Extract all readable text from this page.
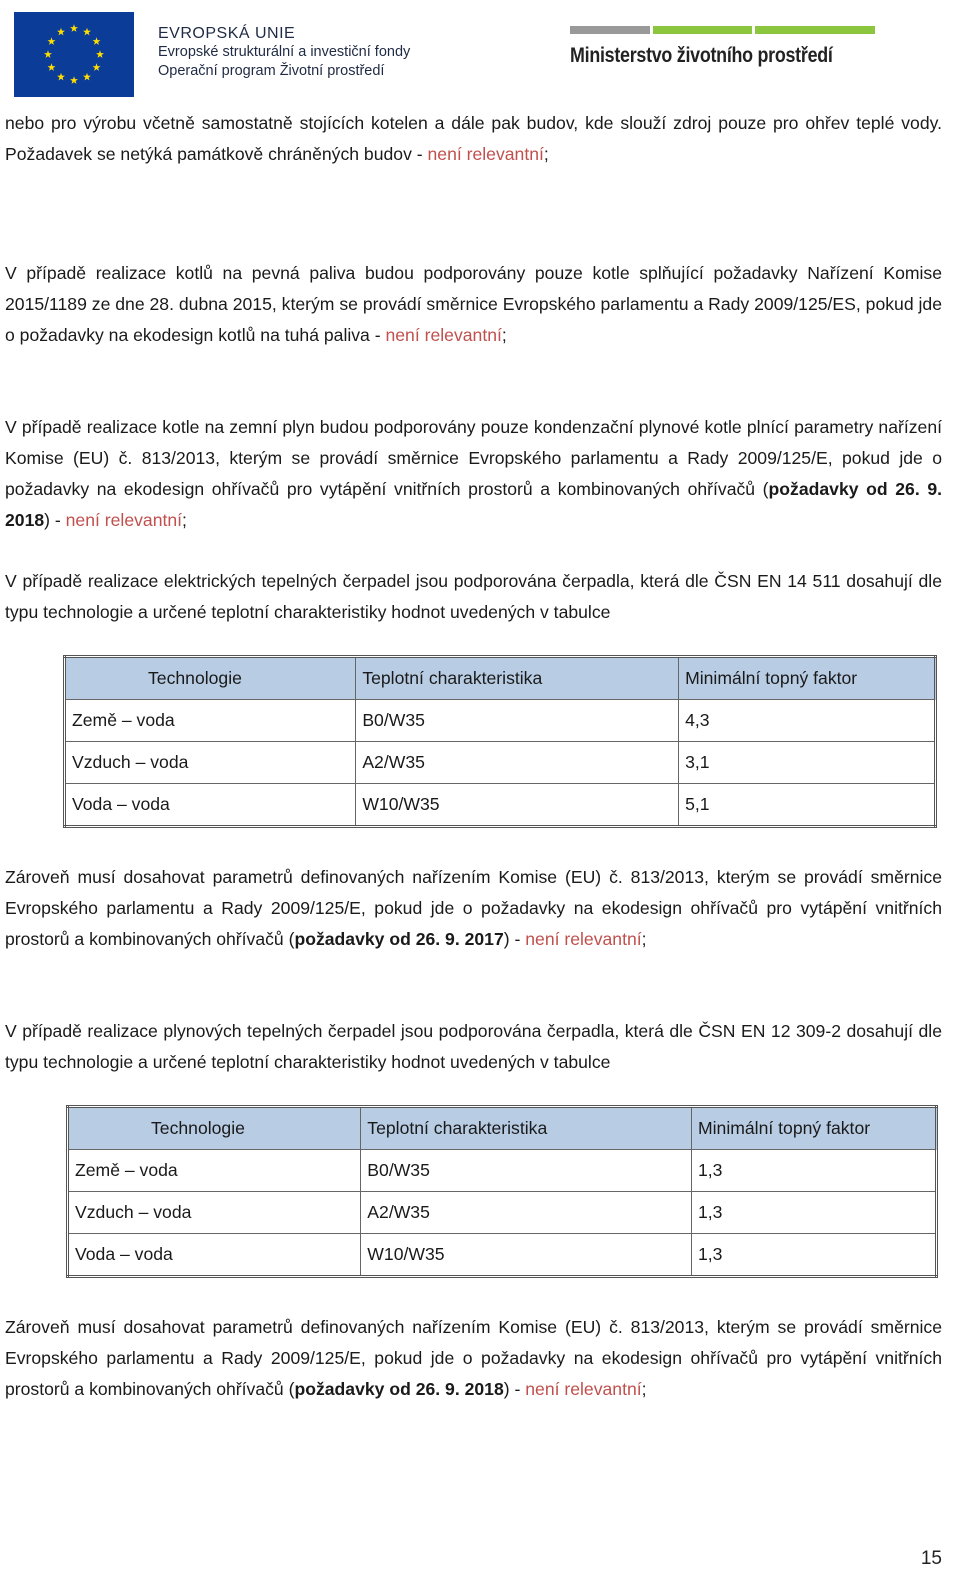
EVROPSKÁ UNIE
Evropské strukturální a investiční fondy
Operační program Životní prostředí
Ministerstvo životního prostředí

nebo pro výrobu včetně samostatně stojících kotelen a dále pak budov, kde slouží zdroj pouze pro ohřev teplé vody. Požadavek se netýká památkově chráněných budov - není relevantní;

V případě realizace kotlů na pevná paliva budou podporovány pouze kotle splňující požadavky Nařízení Komise 2015/1189 ze dne 28. dubna 2015, kterým se provádí směrnice Evropského parlamentu a Rady 2009/125/ES, pokud jde o požadavky na ekodesign kotlů na tuhá paliva - není relevantní;

V případě realizace kotle na zemní plyn budou podporovány pouze kondenzační plynové kotle plnící parametry nařízení Komise (EU) č. 813/2013, kterým se provádí směrnice Evropského parlamentu a Rady 2009/125/E, pokud jde o požadavky na ekodesign ohřívačů pro vytápění vnitřních prostorů a kombinovaných ohřívačů (požadavky od 26. 9. 2018) - není relevantní;

V případě realizace elektrických tepelných čerpadel jsou podporována čerpadla, která dle ČSN EN 14 511 dosahují dle typu technologie a určené teplotní charakteristiky hodnot uvedených v tabulce

Technologie	Teplotní charakteristika	Minimální topný faktor
Země – voda	B0/W35	4,3
Vzduch – voda	A2/W35	3,1
Voda – voda	W10/W35	5,1

Zároveň musí dosahovat parametrů definovaných nařízením Komise (EU) č. 813/2013, kterým se provádí směrnice Evropského parlamentu a Rady 2009/125/E, pokud jde o požadavky na ekodesign ohřívačů pro vytápění vnitřních prostorů a kombinovaných ohřívačů (požadavky od 26. 9. 2017) - není relevantní;

V případě realizace plynových tepelných čerpadel jsou podporována čerpadla, která dle ČSN EN 12 309-2 dosahují dle typu technologie a určené teplotní charakteristiky hodnot uvedených v tabulce

Technologie	Teplotní charakteristika	Minimální topný faktor
Země – voda	B0/W35	1,3
Vzduch – voda	A2/W35	1,3
Voda – voda	W10/W35	1,3

Zároveň musí dosahovat parametrů definovaných nařízením Komise (EU) č. 813/2013, kterým se provádí směrnice Evropského parlamentu a Rady 2009/125/E, pokud jde o požadavky na ekodesign ohřívačů pro vytápění vnitřních prostorů a kombinovaných ohřívačů (požadavky od 26. 9. 2018) - není relevantní;

15
